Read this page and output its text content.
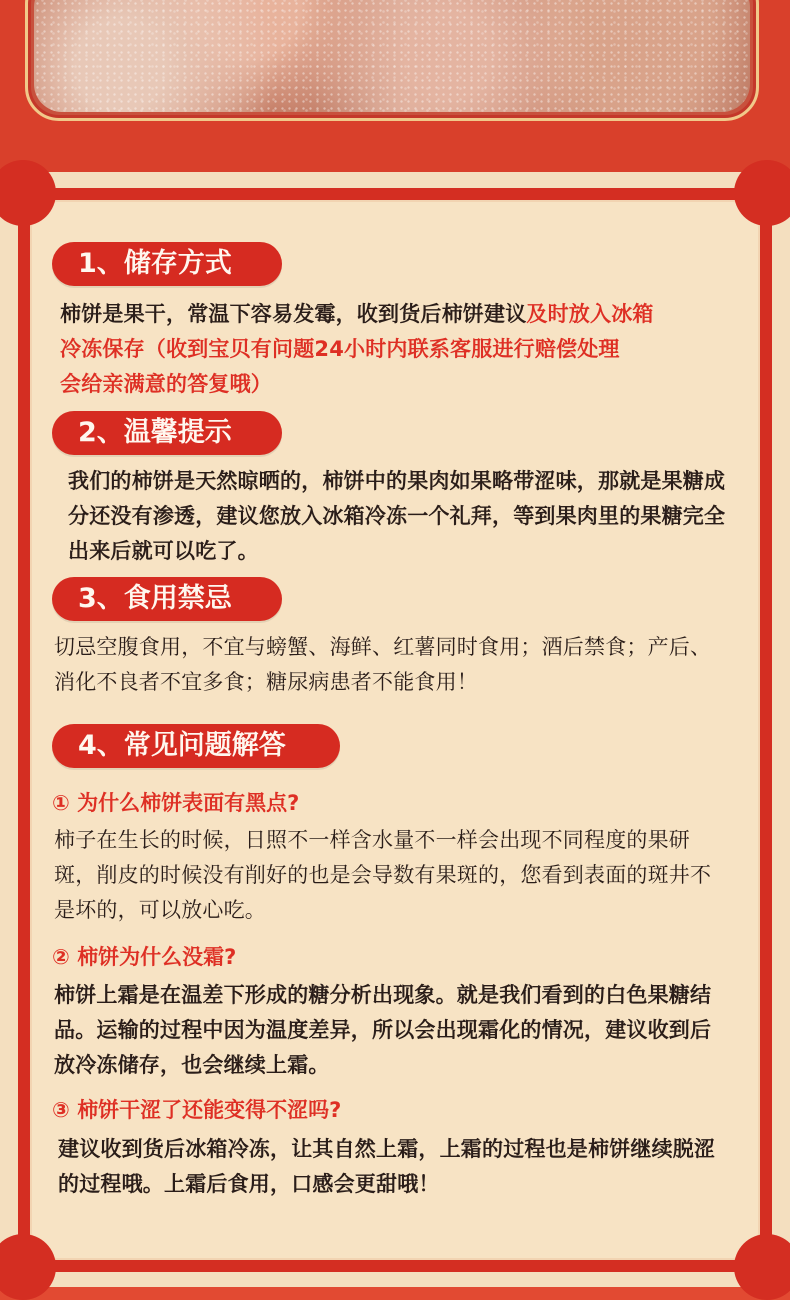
1、储存方式
柿饼是果干，常温下容易发霉，收到货后柿饼建议及时放入冰箱
冷冻保存（收到宝贝有问题24小时内联系客服进行赔偿处理
会给亲满意的答复哦）
2、温馨提示
我们的柿饼是天然晾晒的，柿饼中的果肉如果略带涩味，那就是果糖成分还没有渗透，建议您放入冰箱冷冻一个礼拜，等到果肉里的果糖完全出来后就可以吃了。
3、食用禁忌
切忌空腹食用，不宜与螃蟹、海鲜、红薯同时食用；酒后禁食；产后、消化不良者不宜多食；糖尿病患者不能食用！
4、常见问题解答
① 为什么柿饼表面有黑点?
柿子在生长的时候，日照不一样含水量不一样会出现不同程度的果研斑，削皮的时候没有削好的也是会导数有果斑的，您看到表面的斑井不是坏的，可以放心吃。
② 柿饼为什么没霜?
柿饼上霜是在温差下形成的糖分析出现象。就是我们看到的白色果糖结品。运输的过程中因为温度差异，所以会出现霜化的情况，建议收到后放冷冻储存，也会继续上霜。
③ 柿饼干涩了还能变得不涩吗?
建议收到货后冰箱冷冻，让其自然上霜，上霜的过程也是柿饼继续脱涩的过程哦。上霜后食用，口感会更甜哦！
